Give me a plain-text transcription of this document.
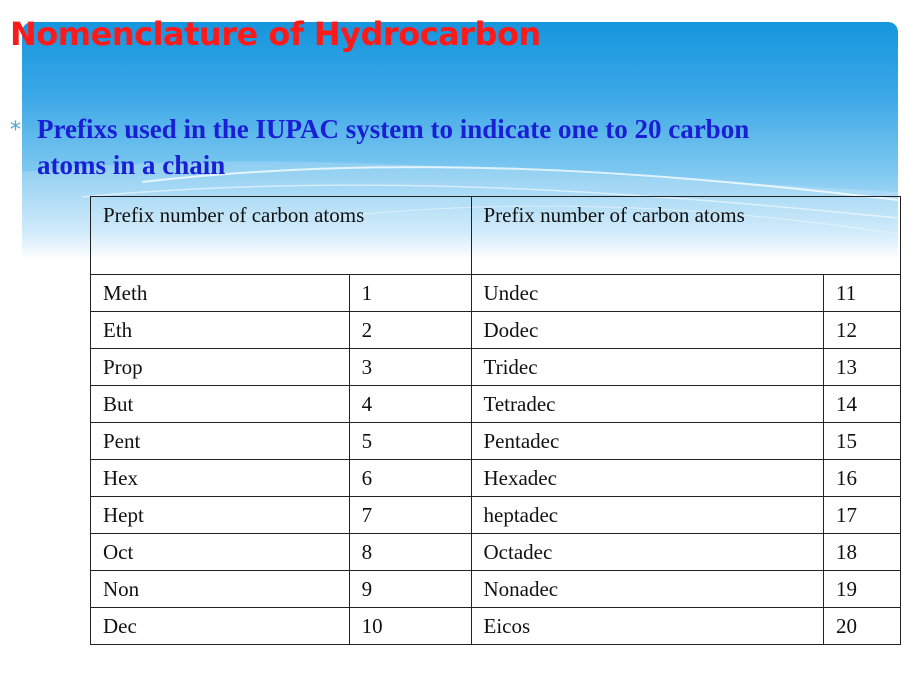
Nomenclature of Hydrocarbon
* Prefixs used in the IUPAC system to indicate one to 20 carbon
atoms in a chain

Prefix number of carbon atoms		Prefix number of carbon atoms	
Meth	1	Undec	11
Eth	2	Dodec	12
Prop	3	Tridec	13
But	4	Tetradec	14
Pent	5	Pentadec	15
Hex	6	Hexadec	16
Hept	7	heptadec	17
Oct	8	Octadec	18
Non	9	Nonadec	19
Dec	10	Eicos	20
